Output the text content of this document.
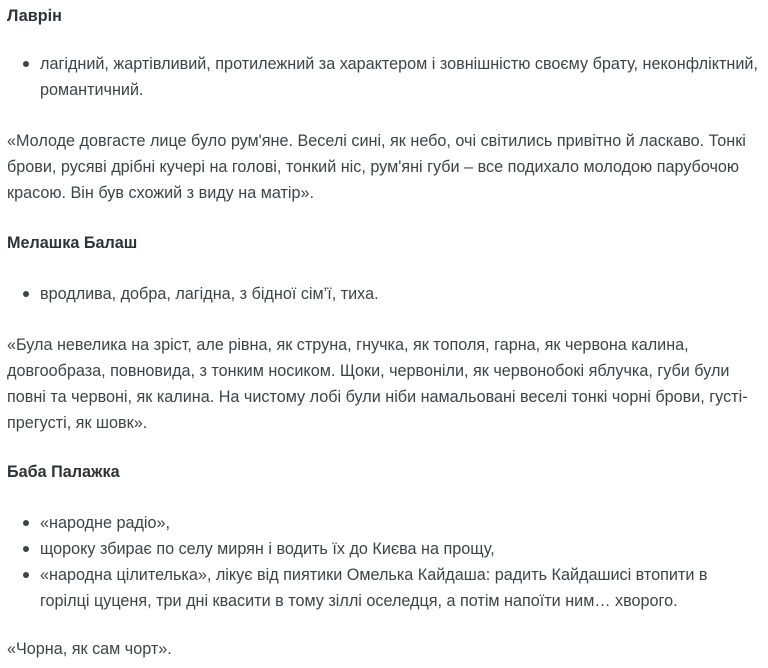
Лаврін
лагідний, жартівливий, протилежний за характером і зовнішністю своєму брату, неконфліктний, романтичний.

«Молоде довгасте лице було рум'яне. Веселі сині, як небо, очі світились привітно й ласкаво. Тонкі брови, русяві дрібні кучері на голові, тонкий ніс, рум'яні губи – все подихало молодою парубочою красою. Він був схожий з виду на матір».

Мелашка Балаш
вродлива, добра, лагідна, з бідної сім’ї, тиха.

«Була невелика на зріст, але рівна, як струна, гнучка, як тополя, гарна, як червона калина, довгообраза, повновида, з тонким носиком. Щоки, червоніли, як червонобокі яблучка, губи були повні та червоні, як калина. На чистому лобі були ніби намальовані веселі тонкі чорні брови, густі-прегусті, як шовк».

Баба Палажка
«народне радіо»,
щороку збирає по селу мирян і водить їх до Києва на прощу,
«народна цілителька», лікує від пиятики Омелька Кайдаша: радить Кайдашисі втопити в горілці цуценя, три дні квасити в тому зіллі оселедця, а потім напоїти ним… хворого.

«Чорна, як сам чорт».
